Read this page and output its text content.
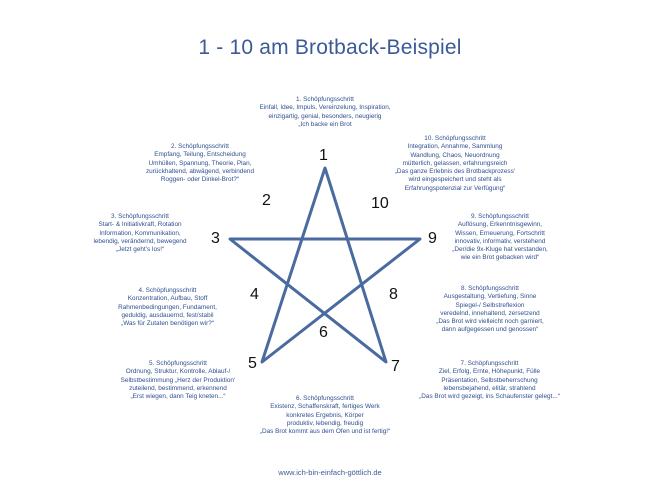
1 - 10 am Brotback-Beispiel
1
2
3
4
5
6
7
8
9
10
1. Schöpfungsschritt
Einfall, Idee, Impuls, Vereinzelung, Inspiration,
einzigartig, genial, besonders, neugierig
„Ich backe ein Brot
2. Schöpfungsschritt
Empfang, Teilung, Entscheidung
Umhüllen, Spannung, Theorie, Plan,
zurückhaltend, abwägend, verbindend
Roggen- oder Dinkel-Brot?“
3. Schöpfungsschritt
Start- & Initiativkraft, Rotation
Information, Kommunikation,
lebendig, verändernd, bewegend
„Jetzt geht’s los!“
4. Schöpfungsschritt
Konzentration, Aufbau, Stoff
Rahmenbedingungen, Fundament,
geduldig, ausdauernd, fest/stabil
„Was für Zutaten benötigen wir?“
5. Schöpfungsschritt
Ordnung, Struktur, Kontrolle, Ablauf-/
Selbstbestimmung „Herz der Produktion‘
zuteilend, bestimmend, erkennend
„Erst wiegen, dann Teig kneten...“	6. Schöpfungsschritt
Existenz, Schaffenskraft, fertiges Werk
konkretes Ergebnis, Körper
produktiv, lebendig, freudig
„Das Brot kommt aus dem Ofen und ist fertig!“
7. Schöpfungsschritt
Ziel, Erfolg, Ernte, Höhepunkt, Fülle
Präsentation, Selbstbeherrschung
lebensbejahend, elitär, strahlend
„Das Brot wird gezeigt, ins Schaufenster gelegt...“
8. Schöpfungsschritt
Ausgestaltung, Vertiefung, Sinne
Spiegel-/ Selbstreflexion
veredelnd, innehaltend, zersetzend
„Das Brot wird vielleicht noch garniert,
dann aufgegessen und genossen“
9. Schöpfungsschritt
Auflösung, Erkenntnisgewinn,
Wissen, Erneuerung, Fortschritt
innovativ, informativ, verstehend
„Der/die 9x-Kluge hat verstanden,
wie ein Brot gebacken wird“
10. Schöpfungsschritt
Integration, Annahme, Sammlung
Wandlung, Chaos, Neuordnung
mütterlich, gelassen, erfahrungsreich
„Das ganze Erlebnis des Brotbackprozess‘
wird eingespeichert und steht als
Erfahrungspotenzial zur Verfügung“
www.ich-bin-einfach-göttlich.de
